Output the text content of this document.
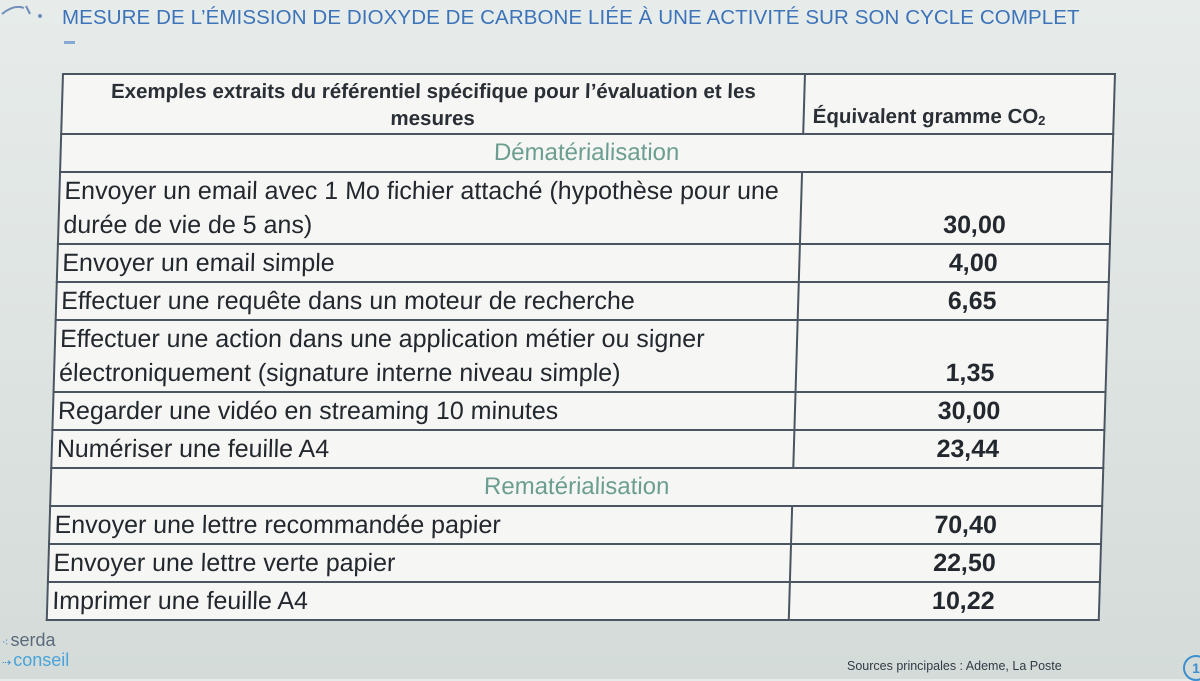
MESURE DE L’ÉMISSION DE DIOXYDE DE CARBONE LIÉE À UNE ACTIVITÉ SUR SON CYCLE COMPLET
Exemples extraits du référentiel spécifique pour l’évaluation et les mesures	Équivalent gramme $CO_2$
Dématérialisation	
Envoyer un email avec 1 Mo fichier attaché (hypothèse pour une durée de vie de 5 ans)	30,00
Envoyer un email simple	4,00
Effectuer une requête dans un moteur de recherche	6,65
Effectuer une action dans une application métier ou signer électroniquement (signature interne niveau simple)	1,35
Regarder une vidéo en streaming 10 minutes	30,00
Numériser une feuille A4	23,44
Rematérialisation	
Envoyer une lettre recommandée papier	70,40
Envoyer une lettre verte papier	22,50
Imprimer une feuille A4	10,22
⁖ serda
⇢ conseil	Sources principales : Ademe, La Poste	1
